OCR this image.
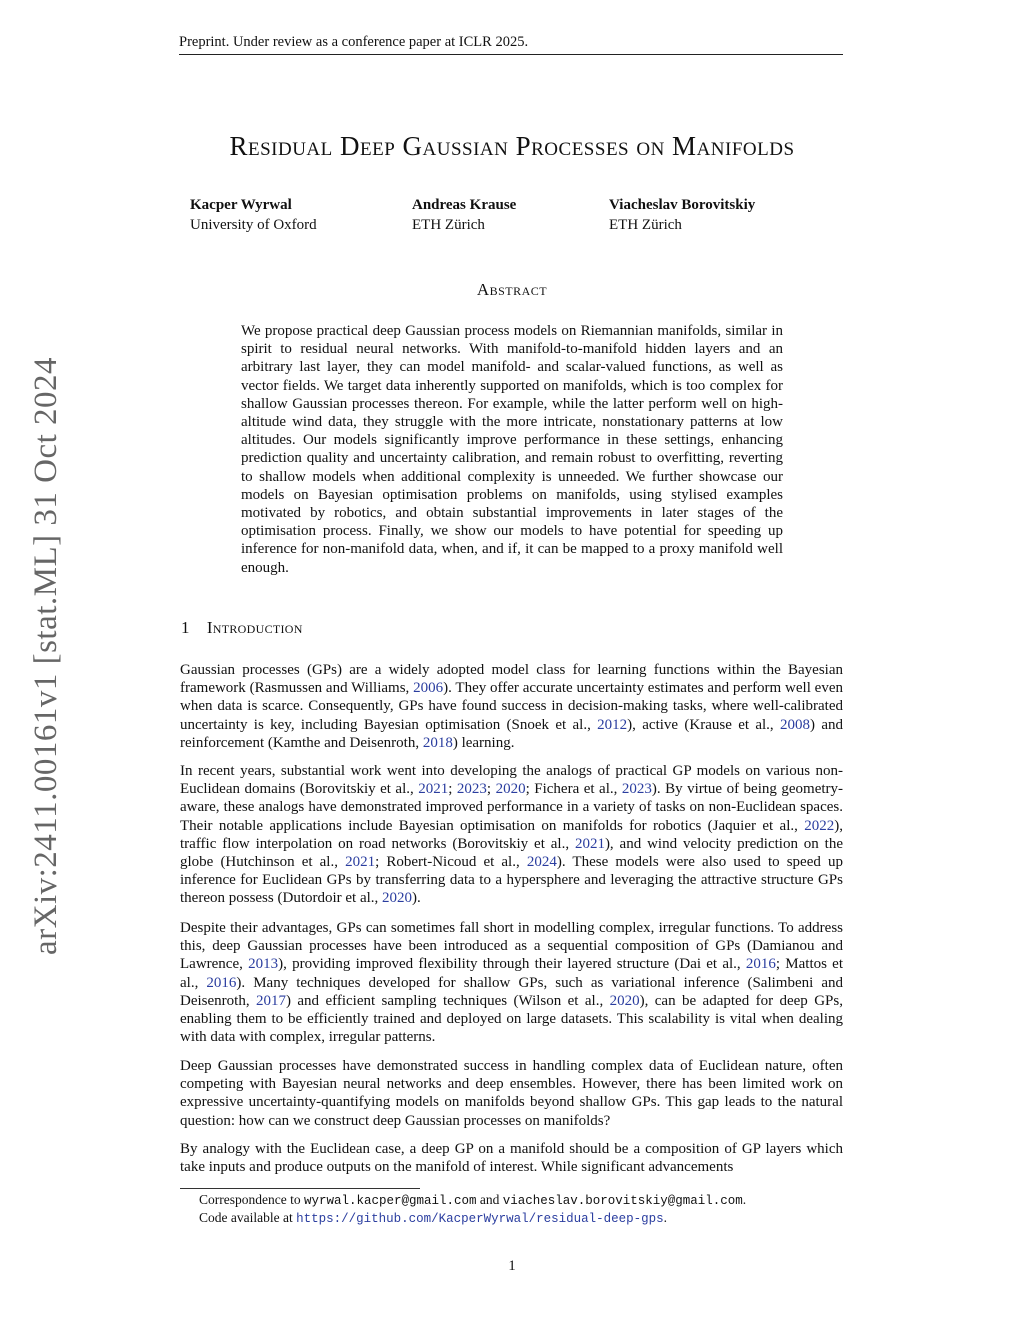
Preprint. Under review as a conference paper at ICLR 2025.
Residual Deep Gaussian Processes on Manifolds
Kacper Wyrwal
University of Oxford
Andreas Krause
ETH Zürich
Viacheslav Borovitskiy
ETH Zürich
Abstract
We propose practical deep Gaussian process models on Riemannian manifolds, similar in spirit to residual neural networks. With manifold-to-manifold hidden layers and an arbitrary last layer, they can model manifold- and scalar-valued functions, as well as vector fields. We target data inherently supported on manifolds, which is too complex for shallow Gaussian processes thereon. For example, while the latter perform well on high-altitude wind data, they struggle with the more intricate, nonstationary patterns at low altitudes. Our models significantly improve performance in these settings, enhancing prediction quality and uncertainty calibration, and remain robust to overfitting, reverting to shallow models when additional complexity is unneeded. We further showcase our models on Bayesian optimisation problems on manifolds, using stylised examples motivated by robotics, and obtain substantial improvements in later stages of the optimisation process. Finally, we show our models to have potential for speeding up inference for non-manifold data, when, and if, it can be mapped to a proxy manifold well enough.
1 Introduction
Gaussian processes (GPs) are a widely adopted model class for learning functions within the Bayesian framework (Rasmussen and Williams, 2006). They offer accurate uncertainty estimates and perform well even when data is scarce. Consequently, GPs have found success in decision-making tasks, where well-calibrated uncertainty is key, including Bayesian optimisation (Snoek et al., 2012), active (Krause et al., 2008) and reinforcement (Kamthe and Deisenroth, 2018) learning.
In recent years, substantial work went into developing the analogs of practical GP models on various non-Euclidean domains (Borovitskiy et al., 2021; 2023; 2020; Fichera et al., 2023). By virtue of being geometry-aware, these analogs have demonstrated improved performance in a variety of tasks on non-Euclidean spaces. Their notable applications include Bayesian optimisation on manifolds for robotics (Jaquier et al., 2022), traffic flow interpolation on road networks (Borovitskiy et al., 2021), and wind velocity prediction on the globe (Hutchinson et al., 2021; Robert-Nicoud et al., 2024). These models were also used to speed up inference for Euclidean GPs by transferring data to a hypersphere and leveraging the attractive structure GPs thereon possess (Dutordoir et al., 2020).
Despite their advantages, GPs can sometimes fall short in modelling complex, irregular functions. To address this, deep Gaussian processes have been introduced as a sequential composition of GPs (Damianou and Lawrence, 2013), providing improved flexibility through their layered structure (Dai et al., 2016; Mattos et al., 2016). Many techniques developed for shallow GPs, such as variational inference (Salimbeni and Deisenroth, 2017) and efficient sampling techniques (Wilson et al., 2020), can be adapted for deep GPs, enabling them to be efficiently trained and deployed on large datasets. This scalability is vital when dealing with data with complex, irregular patterns.
Deep Gaussian processes have demonstrated success in handling complex data of Euclidean nature, often competing with Bayesian neural networks and deep ensembles. However, there has been limited work on expressive uncertainty-quantifying models on manifolds beyond shallow GPs. This gap leads to the natural question: how can we construct deep Gaussian processes on manifolds?
By analogy with the Euclidean case, a deep GP on a manifold should be a composition of GP layers which take inputs and produce outputs on the manifold of interest. While significant advancements
Correspondence to wyrwal.kacper@gmail.com and viacheslav.borovitskiy@gmail.com.
Code available at https://github.com/KacperWyrwal/residual-deep-gps.
1
arXiv:2411.00161v1 [stat.ML] 31 Oct 2024
